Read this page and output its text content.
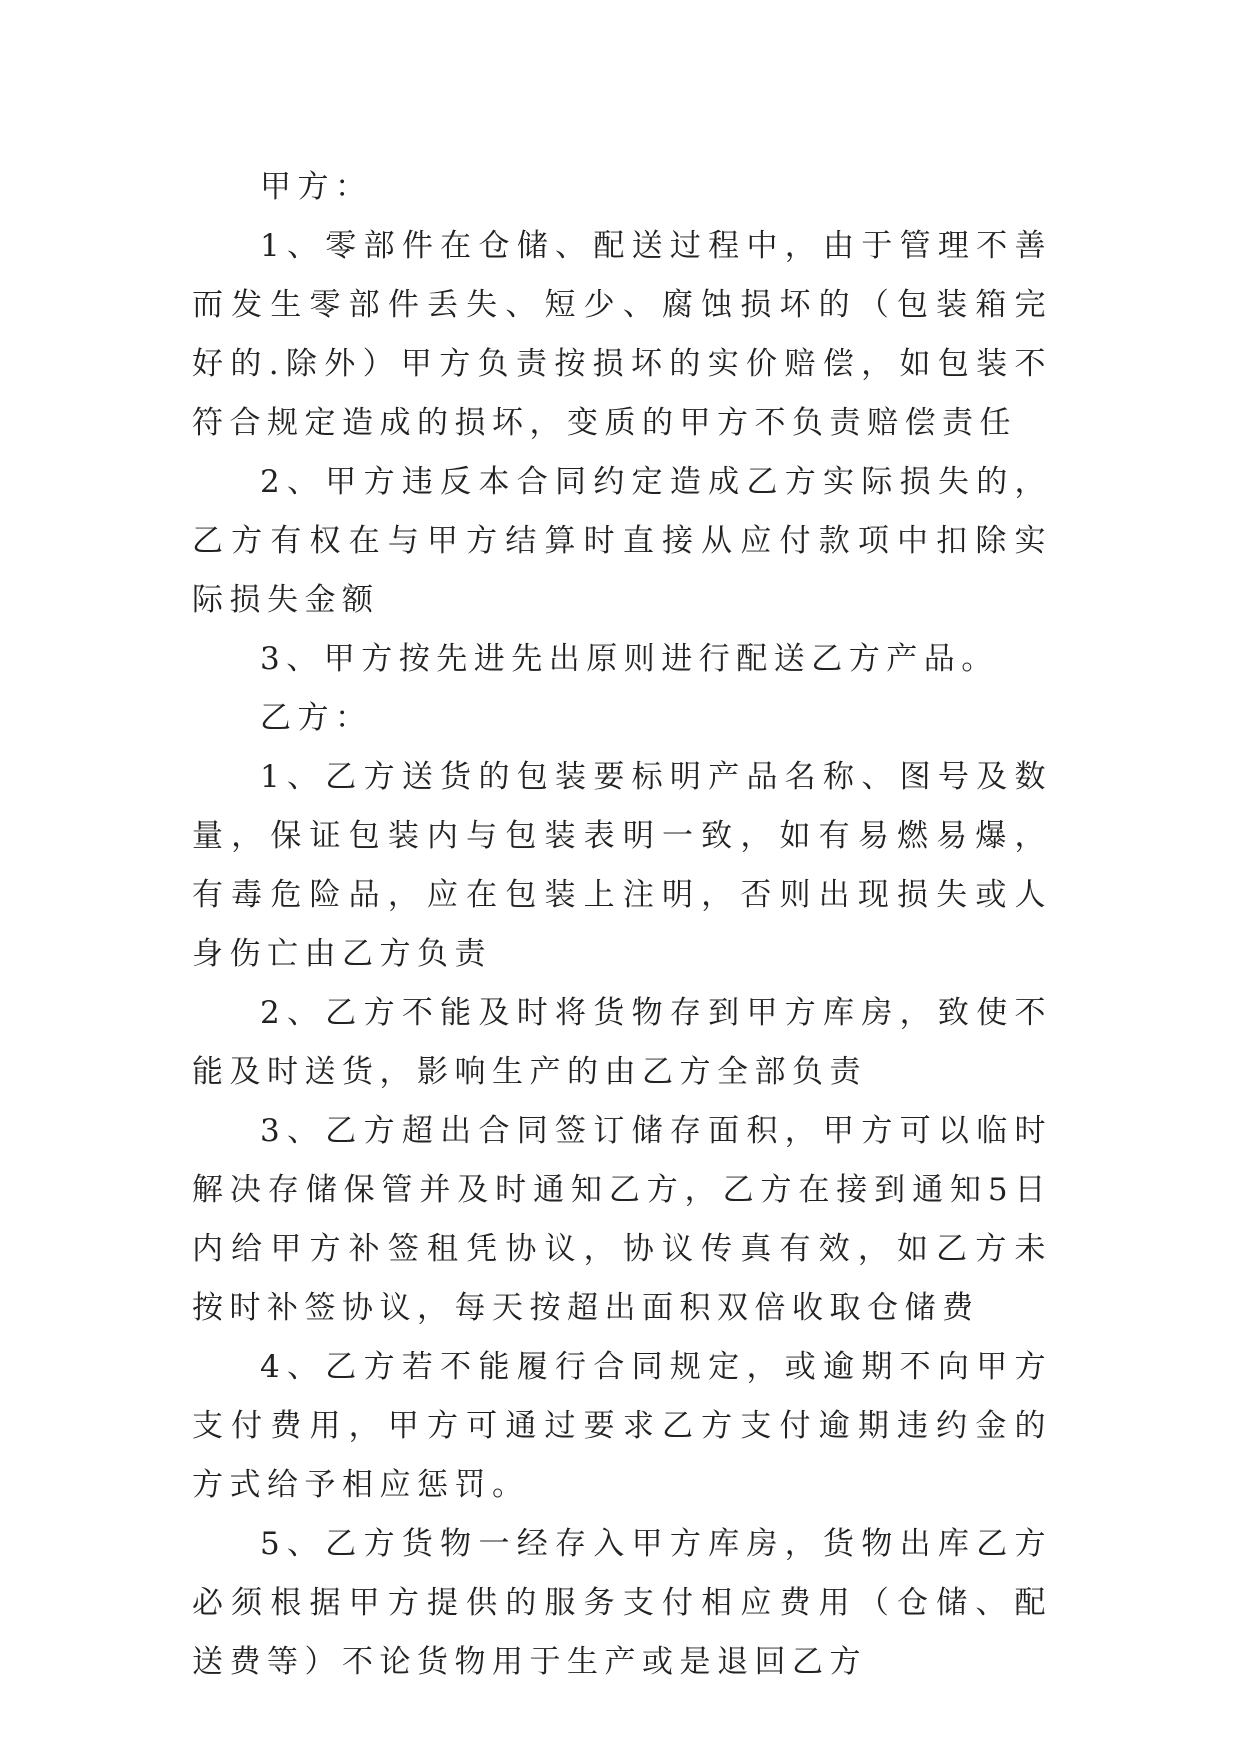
甲方：

1、零部件在仓储、配送过程中，由于管理不善而发生零部件丢失、短少、腐蚀损坏的（包装箱完好的.除外）甲方负责按损坏的实价赔偿，如包装不符合规定造成的损坏，变质的甲方不负责赔偿责任

2、甲方违反本合同约定造成乙方实际损失的，乙方有权在与甲方结算时直接从应付款项中扣除实际损失金额

3、甲方按先进先出原则进行配送乙方产品。

乙方：

1、乙方送货的包装要标明产品名称、图号及数量，保证包装内与包装表明一致，如有易燃易爆，有毒危险品，应在包装上注明，否则出现损失或人身伤亡由乙方负责

2、乙方不能及时将货物存到甲方库房，致使不能及时送货，影响生产的由乙方全部负责

3、乙方超出合同签订储存面积，甲方可以临时解决存储保管并及时通知乙方，乙方在接到通知5日内给甲方补签租凭协议，协议传真有效，如乙方未按时补签协议，每天按超出面积双倍收取仓储费

4、乙方若不能履行合同规定，或逾期不向甲方支付费用，甲方可通过要求乙方支付逾期违约金的方式给予相应惩罚。

5、乙方货物一经存入甲方库房，货物出库乙方必须根据甲方提供的服务支付相应费用（仓储、配送费等）不论货物用于生产或是退回乙方
